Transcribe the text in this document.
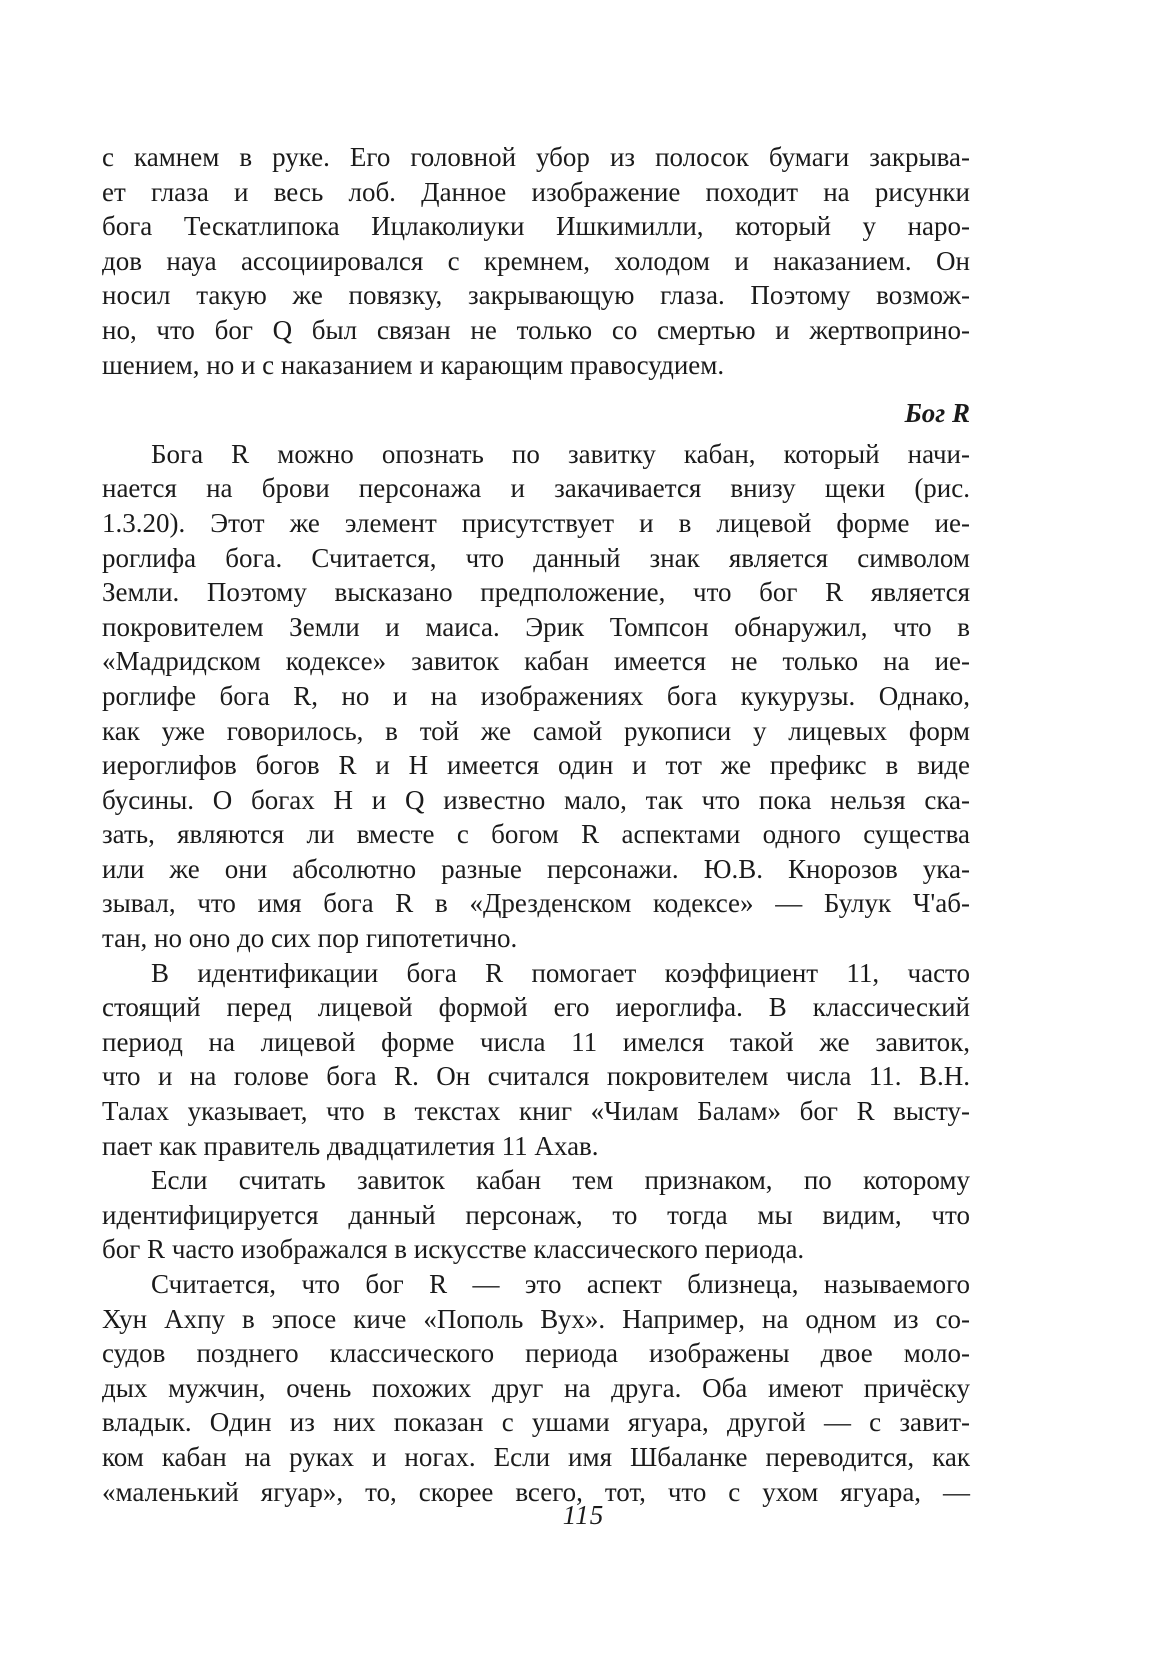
с камнем в руке. Его головной убор из полосок бумаги закрыва-
ет глаза и весь лоб. Данное изображение походит на рисунки
бога Тескатлипока Ицлаколиуки Ишкимилли, который у наро-
дов науа ассоциировался с кремнем, холодом и наказанием. Он
носил такую же повязку, закрывающую глаза. Поэтому возмож-
но, что бог Q был связан не только со смертью и жертвоприно-
шением, но и с наказанием и карающим правосудием.

Бог R

Бога R можно опознать по завитку кабан, который начи-
нается на брови персонажа и закачивается внизу щеки (рис.
1.3.20). Этот же элемент присутствует и в лицевой форме ие-
роглифа бога. Считается, что данный знак является символом
Земли. Поэтому высказано предположение, что бог R является
покровителем Земли и маиса. Эрик Томпсон обнаружил, что в
«Мадридском кодексе» завиток кабан имеется не только на ие-
роглифе бога R, но и на изображениях бога кукурузы. Однако,
как уже говорилось, в той же самой рукописи у лицевых форм
иероглифов богов R и H имеется один и тот же префикс в виде
бусины. О богах H и Q известно мало, так что пока нельзя ска-
зать, являются ли вместе с богом R аспектами одного существа
или же они абсолютно разные персонажи. Ю.В. Кнорозов ука-
зывал, что имя бога R в «Дрезденском кодексе» — Булук Ч'аб-
тан, но оно до сих пор гипотетично.

В идентификации бога R помогает коэффициент 11, часто
стоящий перед лицевой формой его иероглифа. В классический
период на лицевой форме числа 11 имелся такой же завиток,
что и на голове бога R. Он считался покровителем числа 11. В.Н.
Талах указывает, что в текстах книг «Чилам Балам» бог R высту-
пает как правитель двадцатилетия 11 Ахав.

Если считать завиток кабан тем признаком, по которому
идентифицируется данный персонаж, то тогда мы видим, что
бог R часто изображался в искусстве классического периода.

Считается, что бог R — это аспект близнеца, называемого
Хун Ахпу в эпосе киче «Пополь Вух». Например, на одном из со-
судов позднего классического периода изображены двое моло-
дых мужчин, очень похожих друг на друга. Оба имеют причёску
владык. Один из них показан с ушами ягуара, другой — с завит-
ком кабан на руках и ногах. Если имя Шбаланке переводится, как
«маленький ягуар», то, скорее всего, тот, что с ухом ягуара, —

115
